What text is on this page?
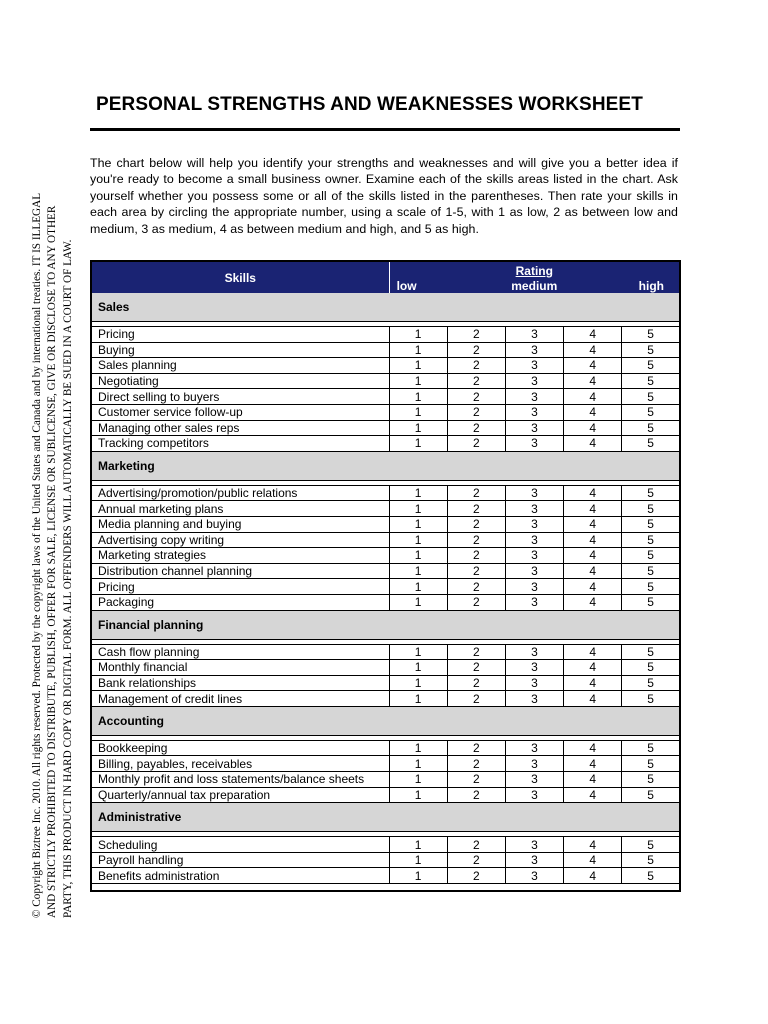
© Copyright Biztree Inc. 2010. All rights reserved. Protected by the copyright laws of the United States and Canada and by international treaties. IT IS ILLEGAL AND STRICTLY PROHIBITED TO DISTRIBUTE, PUBLISH, OFFER FOR SALE, LICENSE OR SUBLICENSE, GIVE OR DISCLOSE TO ANY OTHER PARTY, THIS PRODUCT IN HARD COPY OR DIGITAL FORM. ALL OFFENDERS WILL AUTOMATICALLY BE SUED IN A COURT OF LAW.
PERSONAL STRENGTHS AND WEAKNESSES WORKSHEET

The chart below will help you identify your strengths and weaknesses and will give you a better idea if you're ready to become a small business owner. Examine each of the skills areas listed in the chart. Ask yourself whether you possess some or all of the skills listed in the parentheses. Then rate your skills in each area by circling the appropriate number, using a scale of 1-5, with 1 as low, 2 as between low and medium, 3 as medium, 4 as between medium and high, and 5 as high.

Skills	Rating
low medium high				

Sales					

Pricing	1	2	3	4	5
Buying	1	2	3	4	5
Sales planning	1	2	3	4	5
Negotiating	1	2	3	4	5
Direct selling to buyers	1	2	3	4	5
Customer service follow-up	1	2	3	4	5
Managing other sales reps	1	2	3	4	5
Tracking competitors	1	2	3	4	5
Marketing					

Advertising/promotion/public relations	1	2	3	4	5
Annual marketing plans	1	2	3	4	5
Media planning and buying	1	2	3	4	5
Advertising copy writing	1	2	3	4	5
Marketing strategies	1	2	3	4	5
Distribution channel planning	1	2	3	4	5
Pricing	1	2	3	4	5
Packaging	1	2	3	4	5
Financial planning					

Cash flow planning	1	2	3	4	5
Monthly financial	1	2	3	4	5
Bank relationships	1	2	3	4	5
Management of credit lines	1	2	3	4	5
Accounting					

Bookkeeping	1	2	3	4	5
Billing, payables, receivables	1	2	3	4	5
Monthly profit and loss statements/balance sheets	1	2	3	4	5
Quarterly/annual tax preparation	1	2	3	4	5
Administrative					

Scheduling	1	2	3	4	5
Payroll handling	1	2	3	4	5
Benefits administration	1	2	3	4	5
